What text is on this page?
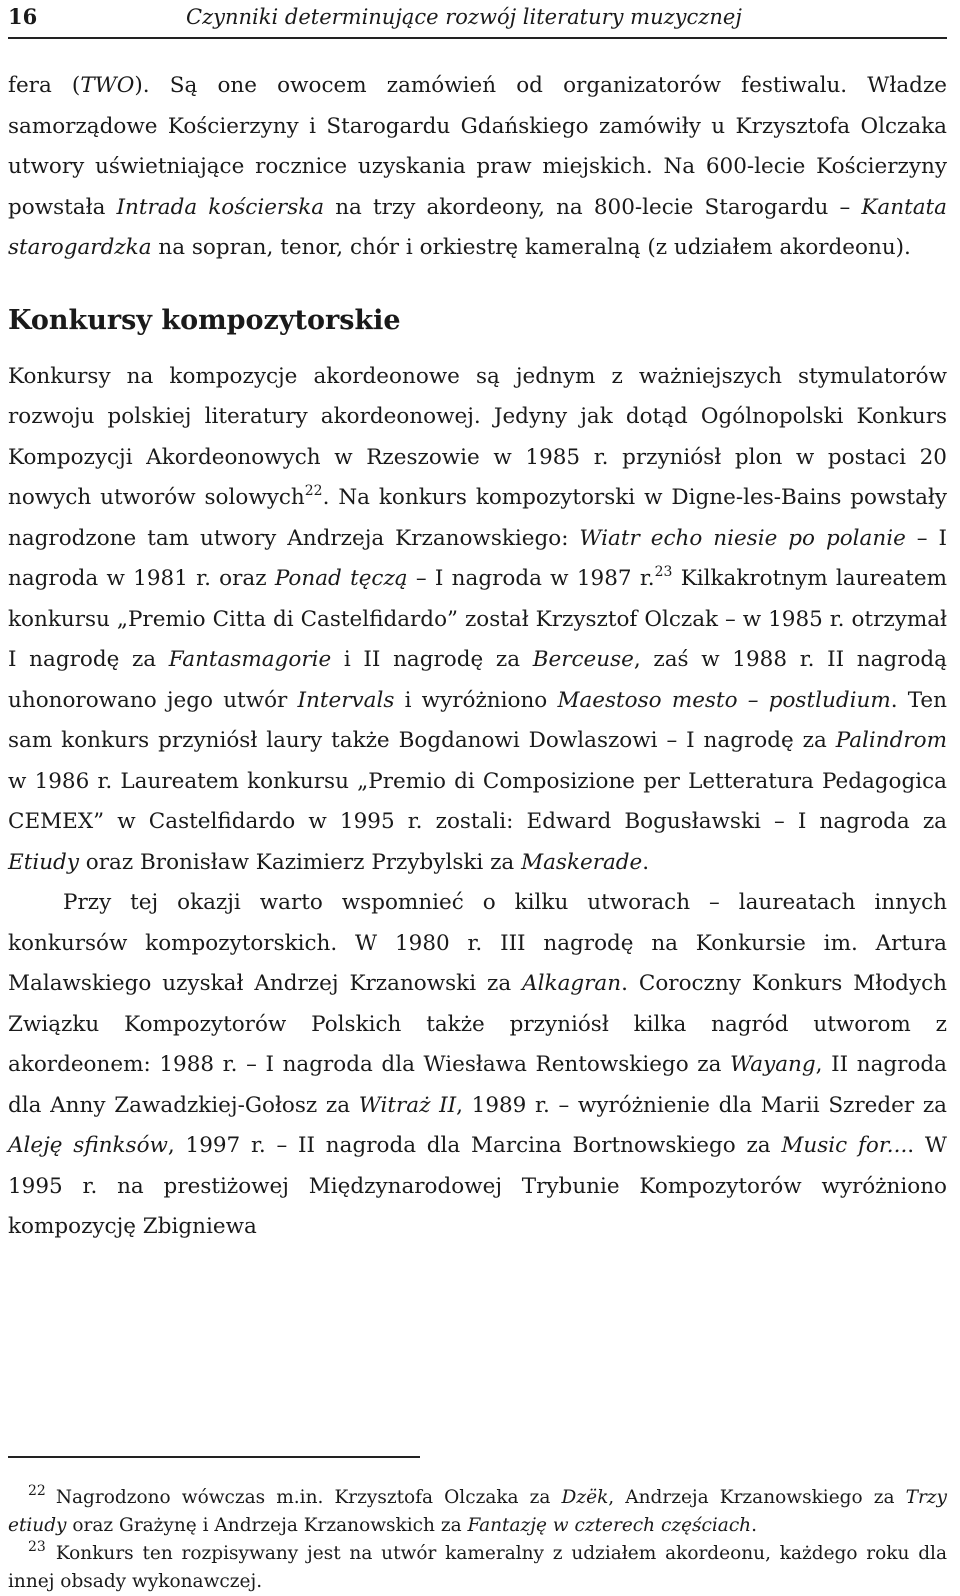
16	Czynniki determinujące rozwój literatury muzycznej

fera (TWO). Są one owocem zamówień od organizatorów festiwalu. Władze samorządowe Kościerzyny i Starogardu Gdańskiego zamówiły u Krzysztofa Olczaka utwory uświetniające rocznice uzyskania praw miejskich. Na 600-lecie Kościerzyny powstała Intrada kościerska na trzy akordeony, na 800-lecie Starogardu – Kantata starogardzka na sopran, tenor, chór i orkiestrę kameralną (z udziałem akordeonu).

Konkursy kompozytorskie

Konkursy na kompozycje akordeonowe są jednym z ważniejszych stymulatorów rozwoju polskiej literatury akordeonowej. Jedyny jak dotąd Ogólnopolski Konkurs Kompozycji Akordeonowych w Rzeszowie w 1985 r. przyniósł plon w postaci 20 nowych utworów solowych$^{22}$. Na konkurs kompozytorski w Digne-les-Bains powstały nagrodzone tam utwory Andrzeja Krzanowskiego: Wiatr echo niesie po polanie – I nagroda w 1981 r. oraz Ponad tęczą – I nagroda w 1987 r.$^{23}$ Kilkakrotnym laureatem konkursu „Premio Citta di Castelfidardo” został Krzysztof Olczak – w 1985 r. otrzymał I nagrodę za Fantasmagorie i II nagrodę za Berceuse, zaś w 1988 r. II nagrodą uhonorowano jego utwór Intervals i wyróżniono Maestoso mesto – postludium. Ten sam konkurs przyniósł laury także Bogdanowi Dowlaszowi – I nagrodę za Palindrom w 1986 r. Laureatem konkursu „Premio di Composizione per Letteratura Pedagogica CEMEX” w Castelfidardo w 1995 r. zostali: Edward Bogusławski – I nagroda za Etiudy oraz Bronisław Kazimierz Przybylski za Maskerade.

Przy tej okazji warto wspomnieć o kilku utworach – laureatach innych konkursów kompozytorskich. W 1980 r. III nagrodę na Konkursie im. Artura Malawskiego uzyskał Andrzej Krzanowski za Alkagran. Coroczny Konkurs Młodych Związku Kompozytorów Polskich także przyniósł kilka nagród utworom z akordeonem: 1988 r. – I nagroda dla Wiesława Rentowskiego za Wayang, II nagroda dla Anny Zawadzkiej-Gołosz za Witraż II, 1989 r. – wyróżnienie dla Marii Szreder za Aleję sfinksów, 1997 r. – II nagroda dla Marcina Bortnowskiego za Music for.... W 1995 r. na prestiżowej Międzynarodowej Trybunie Kompozytorów wyróżniono kompozycję Zbigniewa

$^{22}$ Nagrodzono wówczas m.in. Krzysztofa Olczaka za Dzëk, Andrzeja Krzanowskiego za Trzy etiudy oraz Grażynę i Andrzeja Krzanowskich za Fantazję w czterech częściach.

$^{23}$ Konkurs ten rozpisywany jest na utwór kameralny z udziałem akordeonu, każdego roku dla innej obsady wykonawczej.
